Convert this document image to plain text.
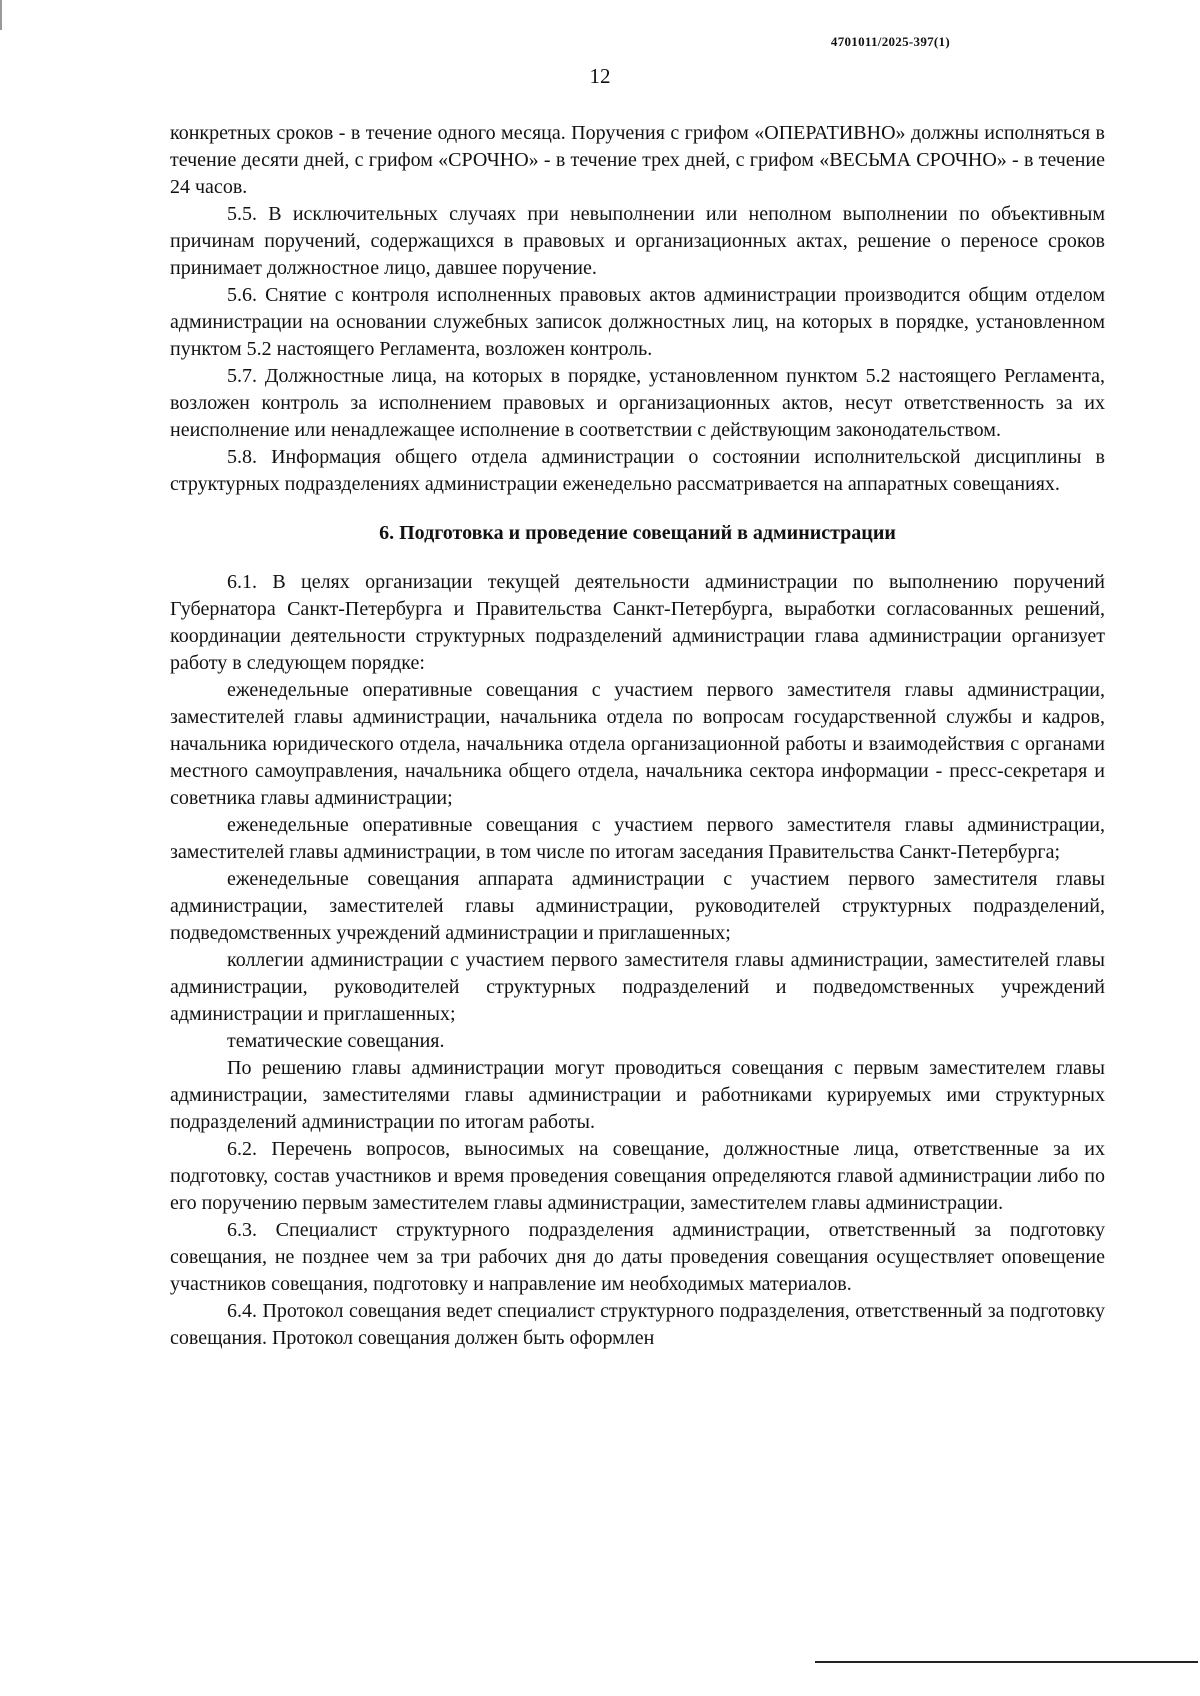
4701011/2025-397(1)
12

конкретных сроков - в течение одного месяца. Поручения с грифом «ОПЕРАТИВНО» должны исполняться в течение десяти дней, с грифом «СРОЧНО» - в течение трех дней, с грифом «ВЕСЬМА СРОЧНО» - в течение 24 часов.

5.5. В исключительных случаях при невыполнении или неполном выполнении по объективным причинам поручений, содержащихся в правовых и организационных актах, решение о переносе сроков принимает должностное лицо, давшее поручение.

5.6. Снятие с контроля исполненных правовых актов администрации производится общим отделом администрации на основании служебных записок должностных лиц, на которых в порядке, установленном пунктом 5.2 настоящего Регламента, возложен контроль.

5.7. Должностные лица, на которых в порядке, установленном пунктом 5.2 настоящего Регламента, возложен контроль за исполнением правовых и организационных актов, несут ответственность за их неисполнение или ненадлежащее исполнение в соответствии с действующим законодательством.

5.8. Информация общего отдела администрации о состоянии исполнительской дисциплины в структурных подразделениях администрации еженедельно рассматривается на аппаратных совещаниях.

6. Подготовка и проведение совещаний в администрации

6.1. В целях организации текущей деятельности администрации по выполнению поручений Губернатора Санкт-Петербурга и Правительства Санкт-Петербурга, выработки согласованных решений, координации деятельности структурных подразделений администрации глава администрации организует работу в следующем порядке:

еженедельные оперативные совещания с участием первого заместителя главы администрации, заместителей главы администрации, начальника отдела по вопросам государственной службы и кадров, начальника юридического отдела, начальника отдела организационной работы и взаимодействия с органами местного самоуправления, начальника общего отдела, начальника сектора информации - пресс-секретаря и советника главы администрации;

еженедельные оперативные совещания с участием первого заместителя главы администрации, заместителей главы администрации, в том числе по итогам заседания Правительства Санкт-Петербурга;

еженедельные совещания аппарата администрации с участием первого заместителя главы администрации, заместителей главы администрации, руководителей структурных подразделений, подведомственных учреждений администрации и приглашенных;

коллегии администрации с участием первого заместителя главы администрации, заместителей главы администрации, руководителей структурных подразделений и подведомственных учреждений администрации и приглашенных;

тематические совещания.

По решению главы администрации могут проводиться совещания с первым заместителем главы администрации, заместителями главы администрации и работниками курируемых ими структурных подразделений администрации по итогам работы.

6.2. Перечень вопросов, выносимых на совещание, должностные лица, ответственные за их подготовку, состав участников и время проведения совещания определяются главой администрации либо по его поручению первым заместителем главы администрации, заместителем главы администрации.

6.3. Специалист структурного подразделения администрации, ответственный за подготовку совещания, не позднее чем за три рабочих дня до даты проведения совещания осуществляет оповещение участников совещания, подготовку и направление им необходимых материалов.

6.4. Протокол совещания ведет специалист структурного подразделения, ответственный за подготовку совещания. Протокол совещания должен быть оформлен
